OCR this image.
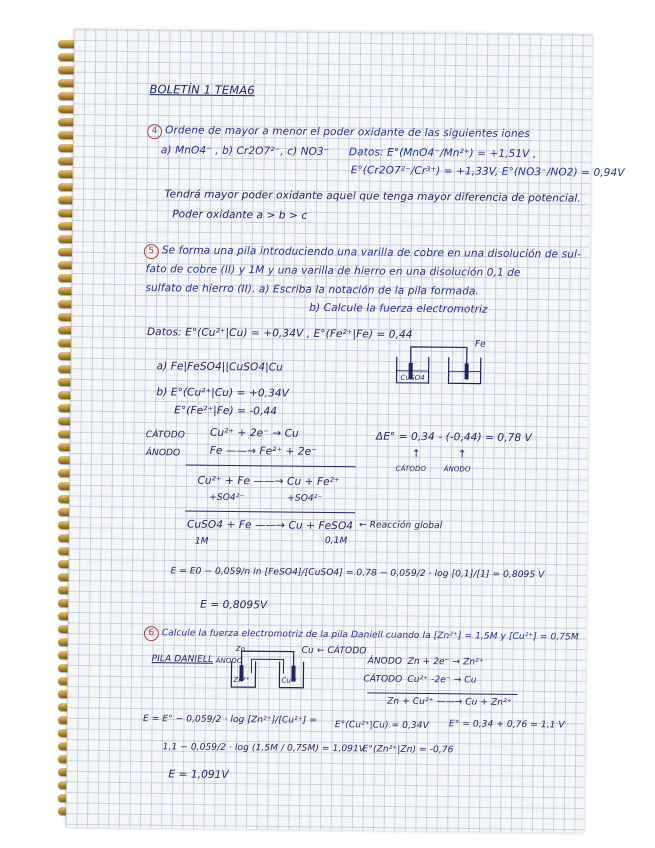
BOLETÍN 1 TEMA6
4 Ordene de mayor a menor el poder oxidante de las siguientes iones
a) MnO4⁻ , b) Cr2O7²⁻, c) NO3⁻ Datos: E°(MnO4⁻/Mn²⁺) = +1,51V ,
E°(Cr2O7²⁻/Cr³⁺) = +1,33V, E°(NO3⁻/NO2) = 0,94V
Tendrá mayor poder oxidante aquel que tenga mayor diferencia de potencial.
Poder oxidante a > b > c
5 Se forma una pila introduciendo una varilla de cobre en una disolución de sul-
fato de cobre (II) y 1M y una varilla de hierro en una disolución 0,1 de
sulfato de hierro (II). a) Escriba la notación de la pila formada.
b) Calcule la fuerza electromotriz
Datos: E°(Cu²⁺|Cu) = +0,34V , E°(Fe²⁺|Fe) = 0,44
a) Fe|FeSO4||CuSO4|Cu
Fe
CuSO4
b) E°(Cu²⁺|Cu) = +0,34V
E°(Fe²⁺|Fe) = -0,44
CÁTODO Cu²⁺ + 2e⁻ → Cu
ÁNODO	Fe ——→ Fe²⁺ + 2e⁻
ΔE° = 0,34 - (-0,44) = 0,78 V
↑	↑
CÁTODO ÁNODO
Cu²⁺ + Fe ——→ Cu + Fe²⁺
+SO4²⁻	+SO4²⁻
CuSO4 + Fe ——→ Cu + FeSO4 ← Reacción global
1M	0,1M
E = E0 − 0,059/n ln [FeSO4]/[CuSO4] = 0,78 − 0,059/2 · log [0,1]/[1] = 0,8095 V
E = 0,8095V
6 Calcule la fuerza electromotriz de la pila Daniell cuando la [Zn²⁺] = 1,5M y [Cu²⁺] = 0,75M
PILA DANIELL ÁNODO
Zn	Cu ← CÁTODO
Zn²⁺	Cu²⁺
ÁNODO Zn + 2e⁻ → Zn²⁺
CÁTODO Cu²⁺ -2e⁻ → Cu
Zn + Cu²⁺ ——→ Cu + Zn²⁺
E = E° − 0,059/2 · log [Zn²⁺]/[Cu²⁺] = E°(Cu²⁺|Cu) = 0,34V E° = 0,34 + 0,76 = 1,1 V
1,1 − 0,059/2 · log (1,5M / 0,75M) = 1,091V
E°(Zn²⁺|Zn) = -0,76
E = 1,091V
